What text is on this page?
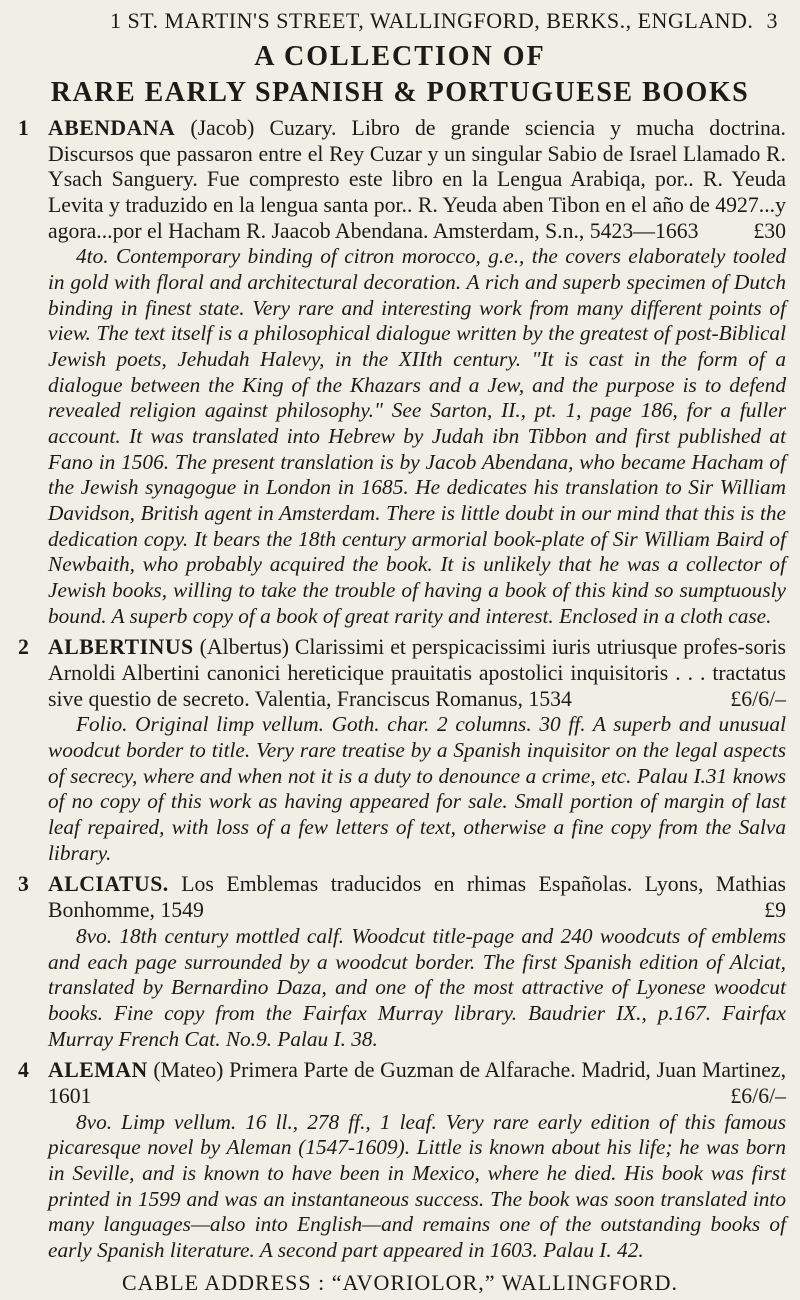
1 ST. MARTIN'S STREET, WALLINGFORD, BERKS., ENGLAND. 3
A COLLECTION OF
RARE EARLY SPANISH & PORTUGUESE BOOKS
1 ABENDANA (Jacob) Cuzary. Libro de grande sciencia y mucha doctrina. Discursos que passaron entre el Rey Cuzar y un singular Sabio de Israel Llamado R. Ysach Sanguery. Fue compresto este libro en la Lengua Arabiqa, por.. R. Yeuda Levita y traduzido en la lengua santa por.. R. Yeuda aben Tibon en el año de 4927...y agora...por el Hacham R. Jaacob Abendana. Amsterdam, S.n., 5423—1663	£30
4to. Contemporary binding of citron morocco, g.e., the covers elaborately tooled in gold with floral and architectural decoration. A rich and superb specimen of Dutch binding in finest state. Very rare and interesting work from many different points of view. The text itself is a philosophical dialogue written by the greatest of post-Biblical Jewish poets, Jehudah Halevy, in the XIIth century. "It is cast in the form of a dialogue between the King of the Khazars and a Jew, and the purpose is to defend revealed religion against philosophy." See Sarton, II., pt. 1, page 186, for a fuller account. It was translated into Hebrew by Judah ibn Tibbon and first published at Fano in 1506. The present translation is by Jacob Abendana, who became Hacham of the Jewish synagogue in London in 1685. He dedicates his translation to Sir William Davidson, British agent in Amsterdam. There is little doubt in our mind that this is the dedication copy. It bears the 18th century armorial book-plate of Sir William Baird of Newbaith, who probably acquired the book. It is unlikely that he was a collector of Jewish books, willing to take the trouble of having a book of this kind so sumptuously bound. A superb copy of a book of great rarity and interest. Enclosed in a cloth case.
2 ALBERTINUS (Albertus) Clarissimi et perspicacissimi iuris utriusque profes-soris Arnoldi Albertini canonici hereticique prauitatis apostolici inquisitoris . . . tractatus sive questio de secreto. Valentia, Franciscus Romanus, 1534	£6/6/–
Folio. Original limp vellum. Goth. char. 2 columns. 30 ff. A superb and unusual woodcut border to title. Very rare treatise by a Spanish inquisitor on the legal aspects of secrecy, where and when not it is a duty to denounce a crime, etc. Palau I.31 knows of no copy of this work as having appeared for sale. Small portion of margin of last leaf repaired, with loss of a few letters of text, otherwise a fine copy from the Salva library.
3 ALCIATUS. Los Emblemas traducidos en rhimas Españolas. Lyons, Mathias Bonhomme, 1549	£9
8vo. 18th century mottled calf. Woodcut title-page and 240 woodcuts of emblems and each page surrounded by a woodcut border. The first Spanish edition of Alciat, translated by Bernardino Daza, and one of the most attractive of Lyonese woodcut books. Fine copy from the Fairfax Murray library. Baudrier IX., p.167. Fairfax Murray French Cat. No.9. Palau I. 38.
4 ALEMAN (Mateo) Primera Parte de Guzman de Alfarache. Madrid, Juan Martinez, 1601	£6/6/–
8vo. Limp vellum. 16 ll., 278 ff., 1 leaf. Very rare early edition of this famous picaresque novel by Aleman (1547-1609). Little is known about his life; he was born in Seville, and is known to have been in Mexico, where he died. His book was first printed in 1599 and was an instantaneous success. The book was soon translated into many languages—also into English—and remains one of the outstanding books of early Spanish literature. A second part appeared in 1603. Palau I. 42.
CABLE ADDRESS : “AVORIOLOR,” WALLINGFORD.
